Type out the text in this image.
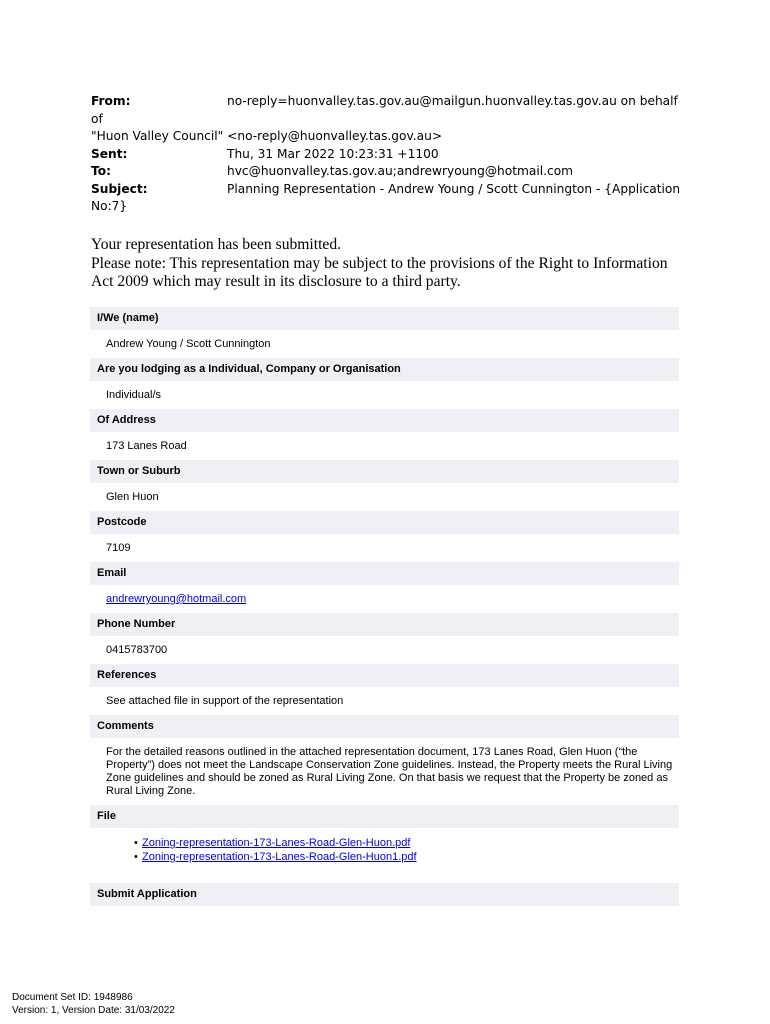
From:	no-reply=huonvalley.tas.gov.au@mailgun.huonvalley.tas.gov.au on behalf of
"Huon Valley Council" <no-reply@huonvalley.tas.gov.au>
Sent:	Thu, 31 Mar 2022 10:23:31 +1100
To:	hvc@huonvalley.tas.gov.au;andrewryoung@hotmail.com
Subject:	Planning Representation - Andrew Young / Scott Cunnington - {Application
No:7}

Your representation has been submitted.

Please note: This representation may be subject to the provisions of the Right to Information Act 2009 which may result in its disclosure to a third party.

I/We (name)
Andrew Young / Scott Cunnington
Are you lodging as a Individual, Company or Organisation
Individual/s
Of Address
173 Lanes Road
Town or Suburb
Glen Huon
Postcode
7109
Email
andrewryoung@hotmail.com
Phone Number
0415783700
References
See attached file in support of the representation
Comments
For the detailed reasons outlined in the attached representation document, 173 Lanes Road, Glen Huon (“the Property”) does not meet the Landscape Conservation Zone guidelines. Instead, the Property meets the Rural Living Zone guidelines and should be zoned as Rural Living Zone. On that basis we request that the Property be zoned as Rural Living Zone.
File
• Zoning-representation-173-Lanes-Road-Glen-Huon.pdf
• Zoning-representation-173-Lanes-Road-Glen-Huon1.pdf
Submit Application
Document Set ID: 1948986
Version: 1, Version Date: 31/03/2022
